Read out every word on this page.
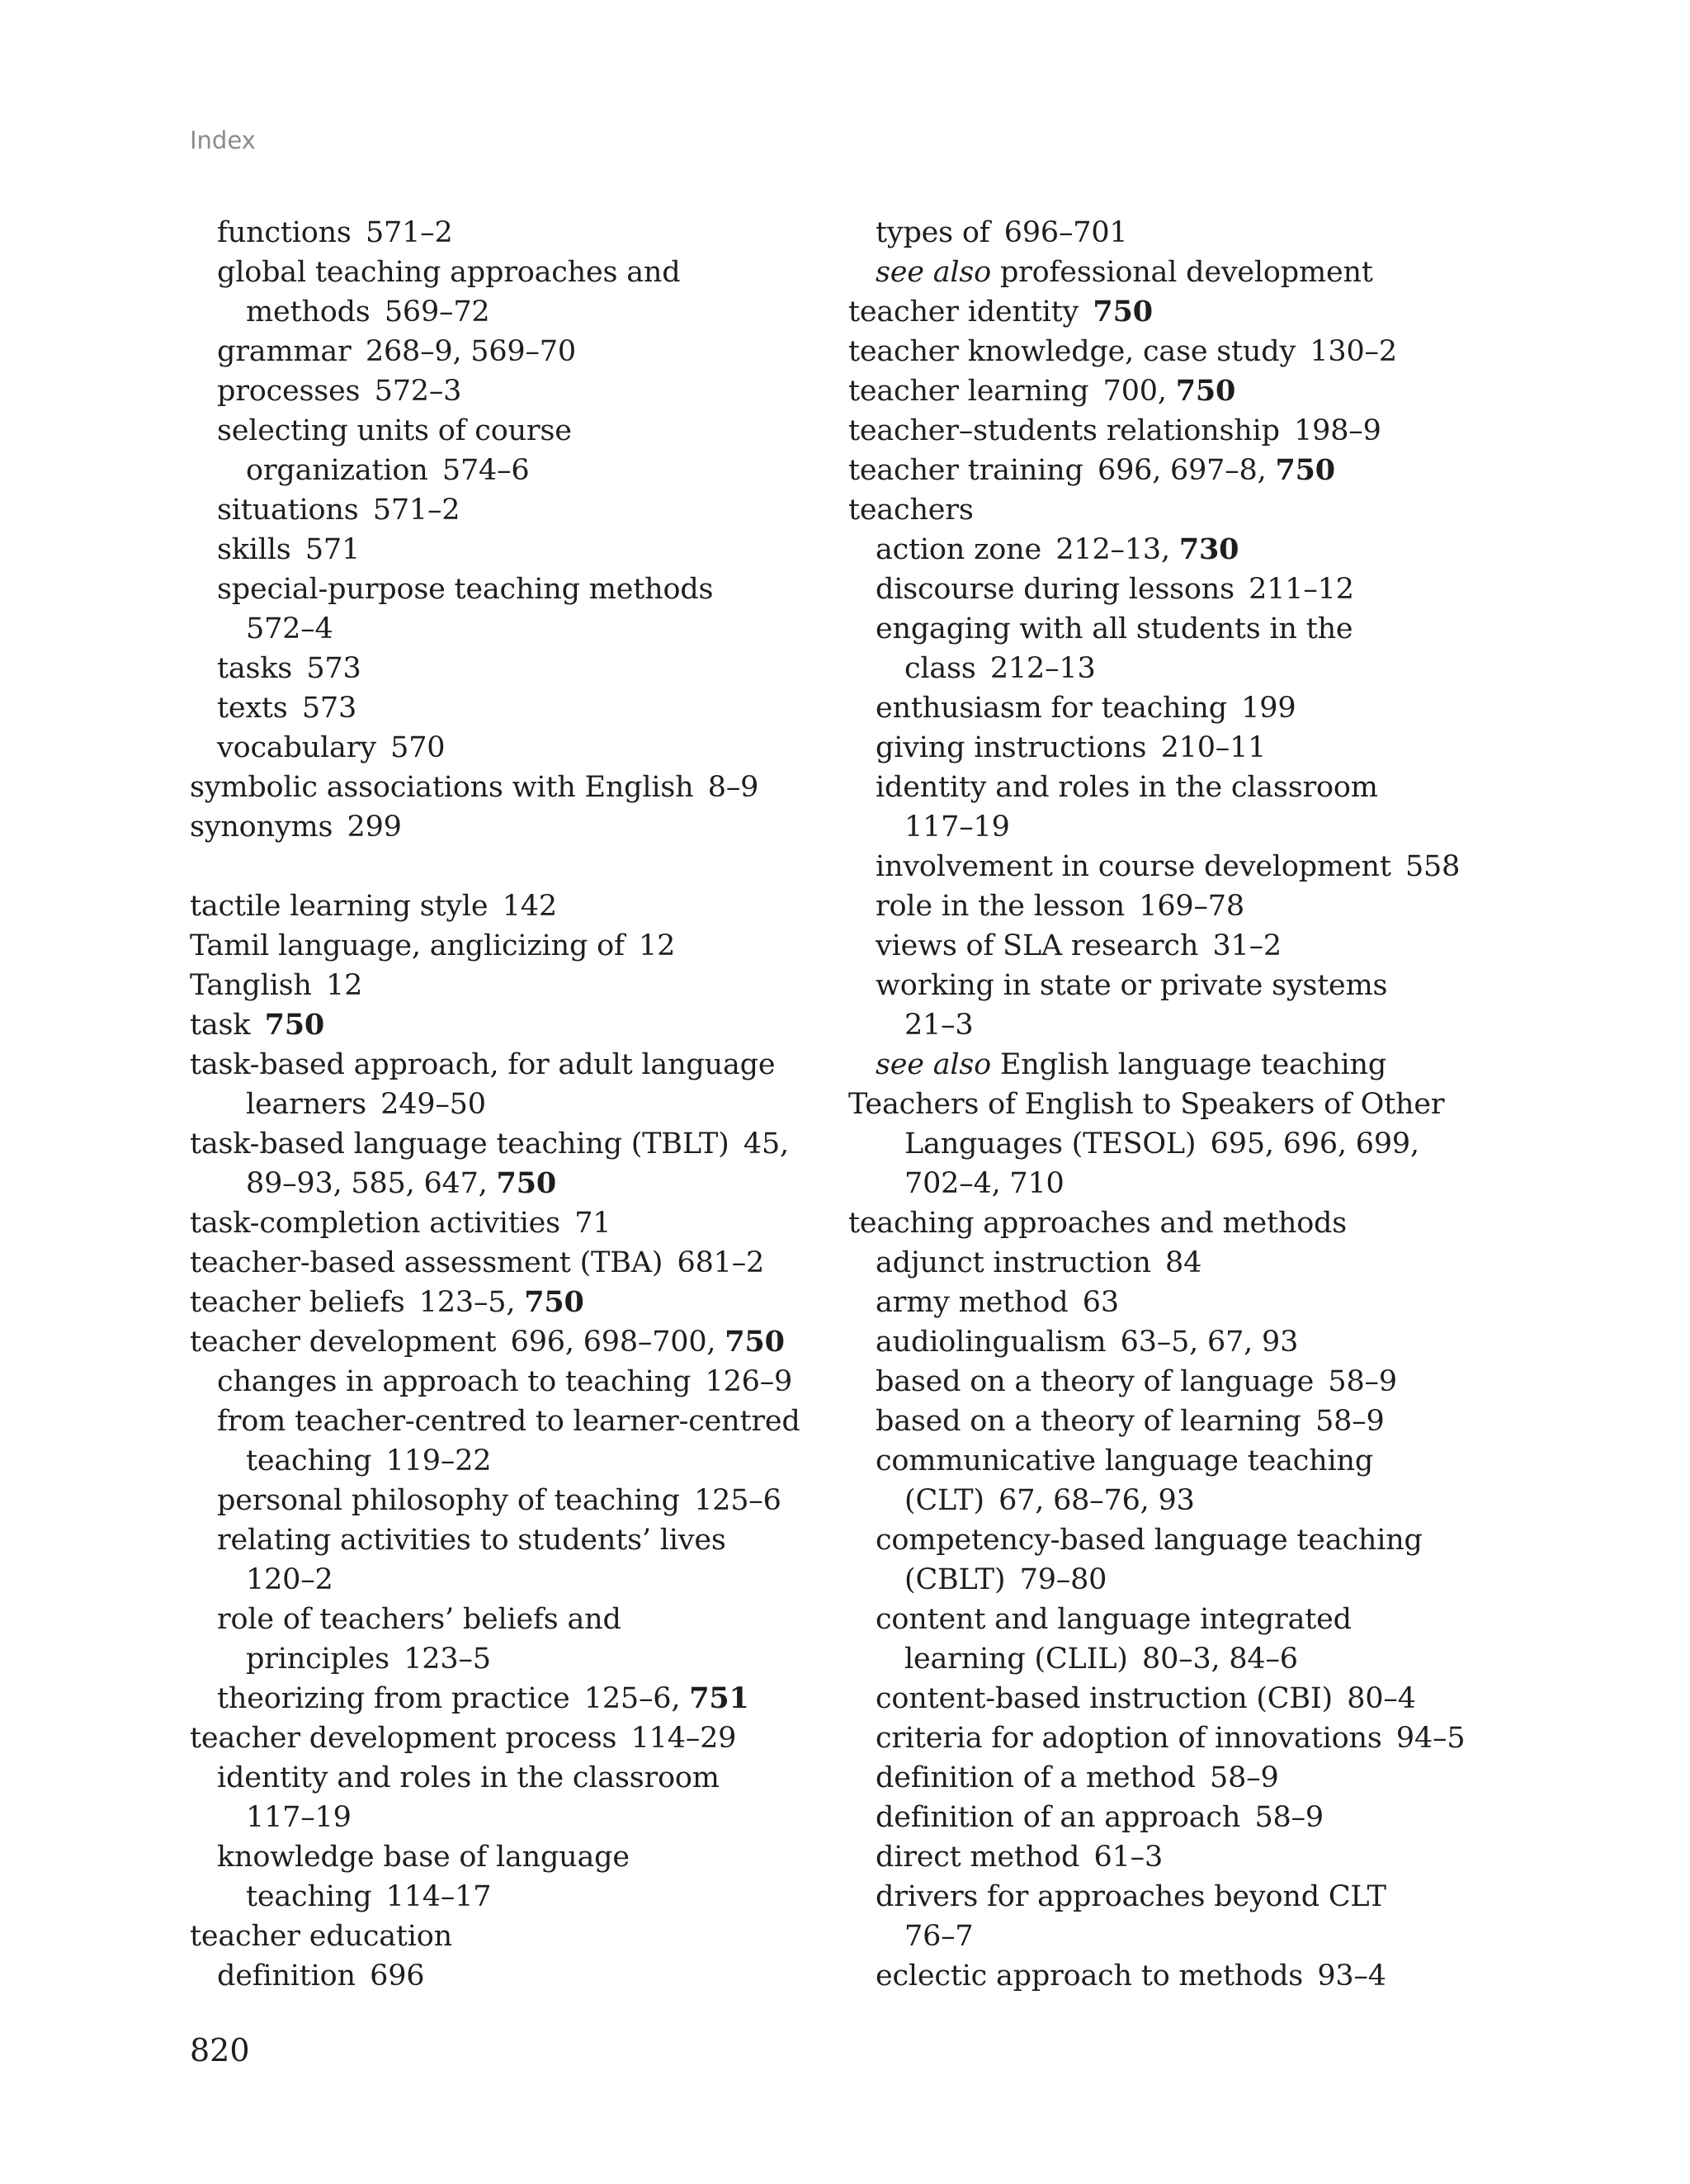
Index
functions 571–2
global teaching approaches and
methods 569–72
grammar 268–9, 569–70
processes 572–3
selecting units of course
organization 574–6
situations 571–2
skills 571
special-purpose teaching methods
572–4
tasks 573
texts 573
vocabulary 570
symbolic associations with English 8–9
synonyms 299
tactile learning style 142
Tamil language, anglicizing of 12
Tanglish 12
task 750
task-based approach, for adult language
learners 249–50
task-based language teaching (TBLT) 45,
89–93, 585, 647, 750
task-completion activities 71
teacher-based assessment (TBA) 681–2
teacher beliefs 123–5, 750
teacher development 696, 698–700, 750
changes in approach to teaching 126–9
from teacher-centred to learner-centred
teaching 119–22
personal philosophy of teaching 125–6
relating activities to students’ lives
120–2
role of teachers’ beliefs and
principles 123–5
theorizing from practice 125–6, 751
teacher development process 114–29
identity and roles in the classroom
117–19
knowledge base of language
teaching 114–17
teacher education
definition 696
types of 696–701
see also professional development
teacher identity 750
teacher knowledge, case study 130–2
teacher learning 700, 750
teacher–students relationship 198–9
teacher training 696, 697–8, 750
teachers
action zone 212–13, 730
discourse during lessons 211–12
engaging with all students in the
class 212–13
enthusiasm for teaching 199
giving instructions 210–11
identity and roles in the classroom
117–19
involvement in course development 558
role in the lesson 169–78
views of SLA research 31–2
working in state or private systems
21–3
see also English language teaching
Teachers of English to Speakers of Other
Languages (TESOL) 695, 696, 699,
702–4, 710
teaching approaches and methods
adjunct instruction 84
army method 63
audiolingualism 63–5, 67, 93
based on a theory of language 58–9
based on a theory of learning 58–9
communicative language teaching
(CLT) 67, 68–76, 93
competency-based language teaching
(CBLT) 79–80
content and language integrated
learning (CLIL) 80–3, 84–6
content-based instruction (CBI) 80–4
criteria for adoption of innovations 94–5
definition of a method 58–9
definition of an approach 58–9
direct method 61–3
drivers for approaches beyond CLT
76–7
eclectic approach to methods 93–4
820
